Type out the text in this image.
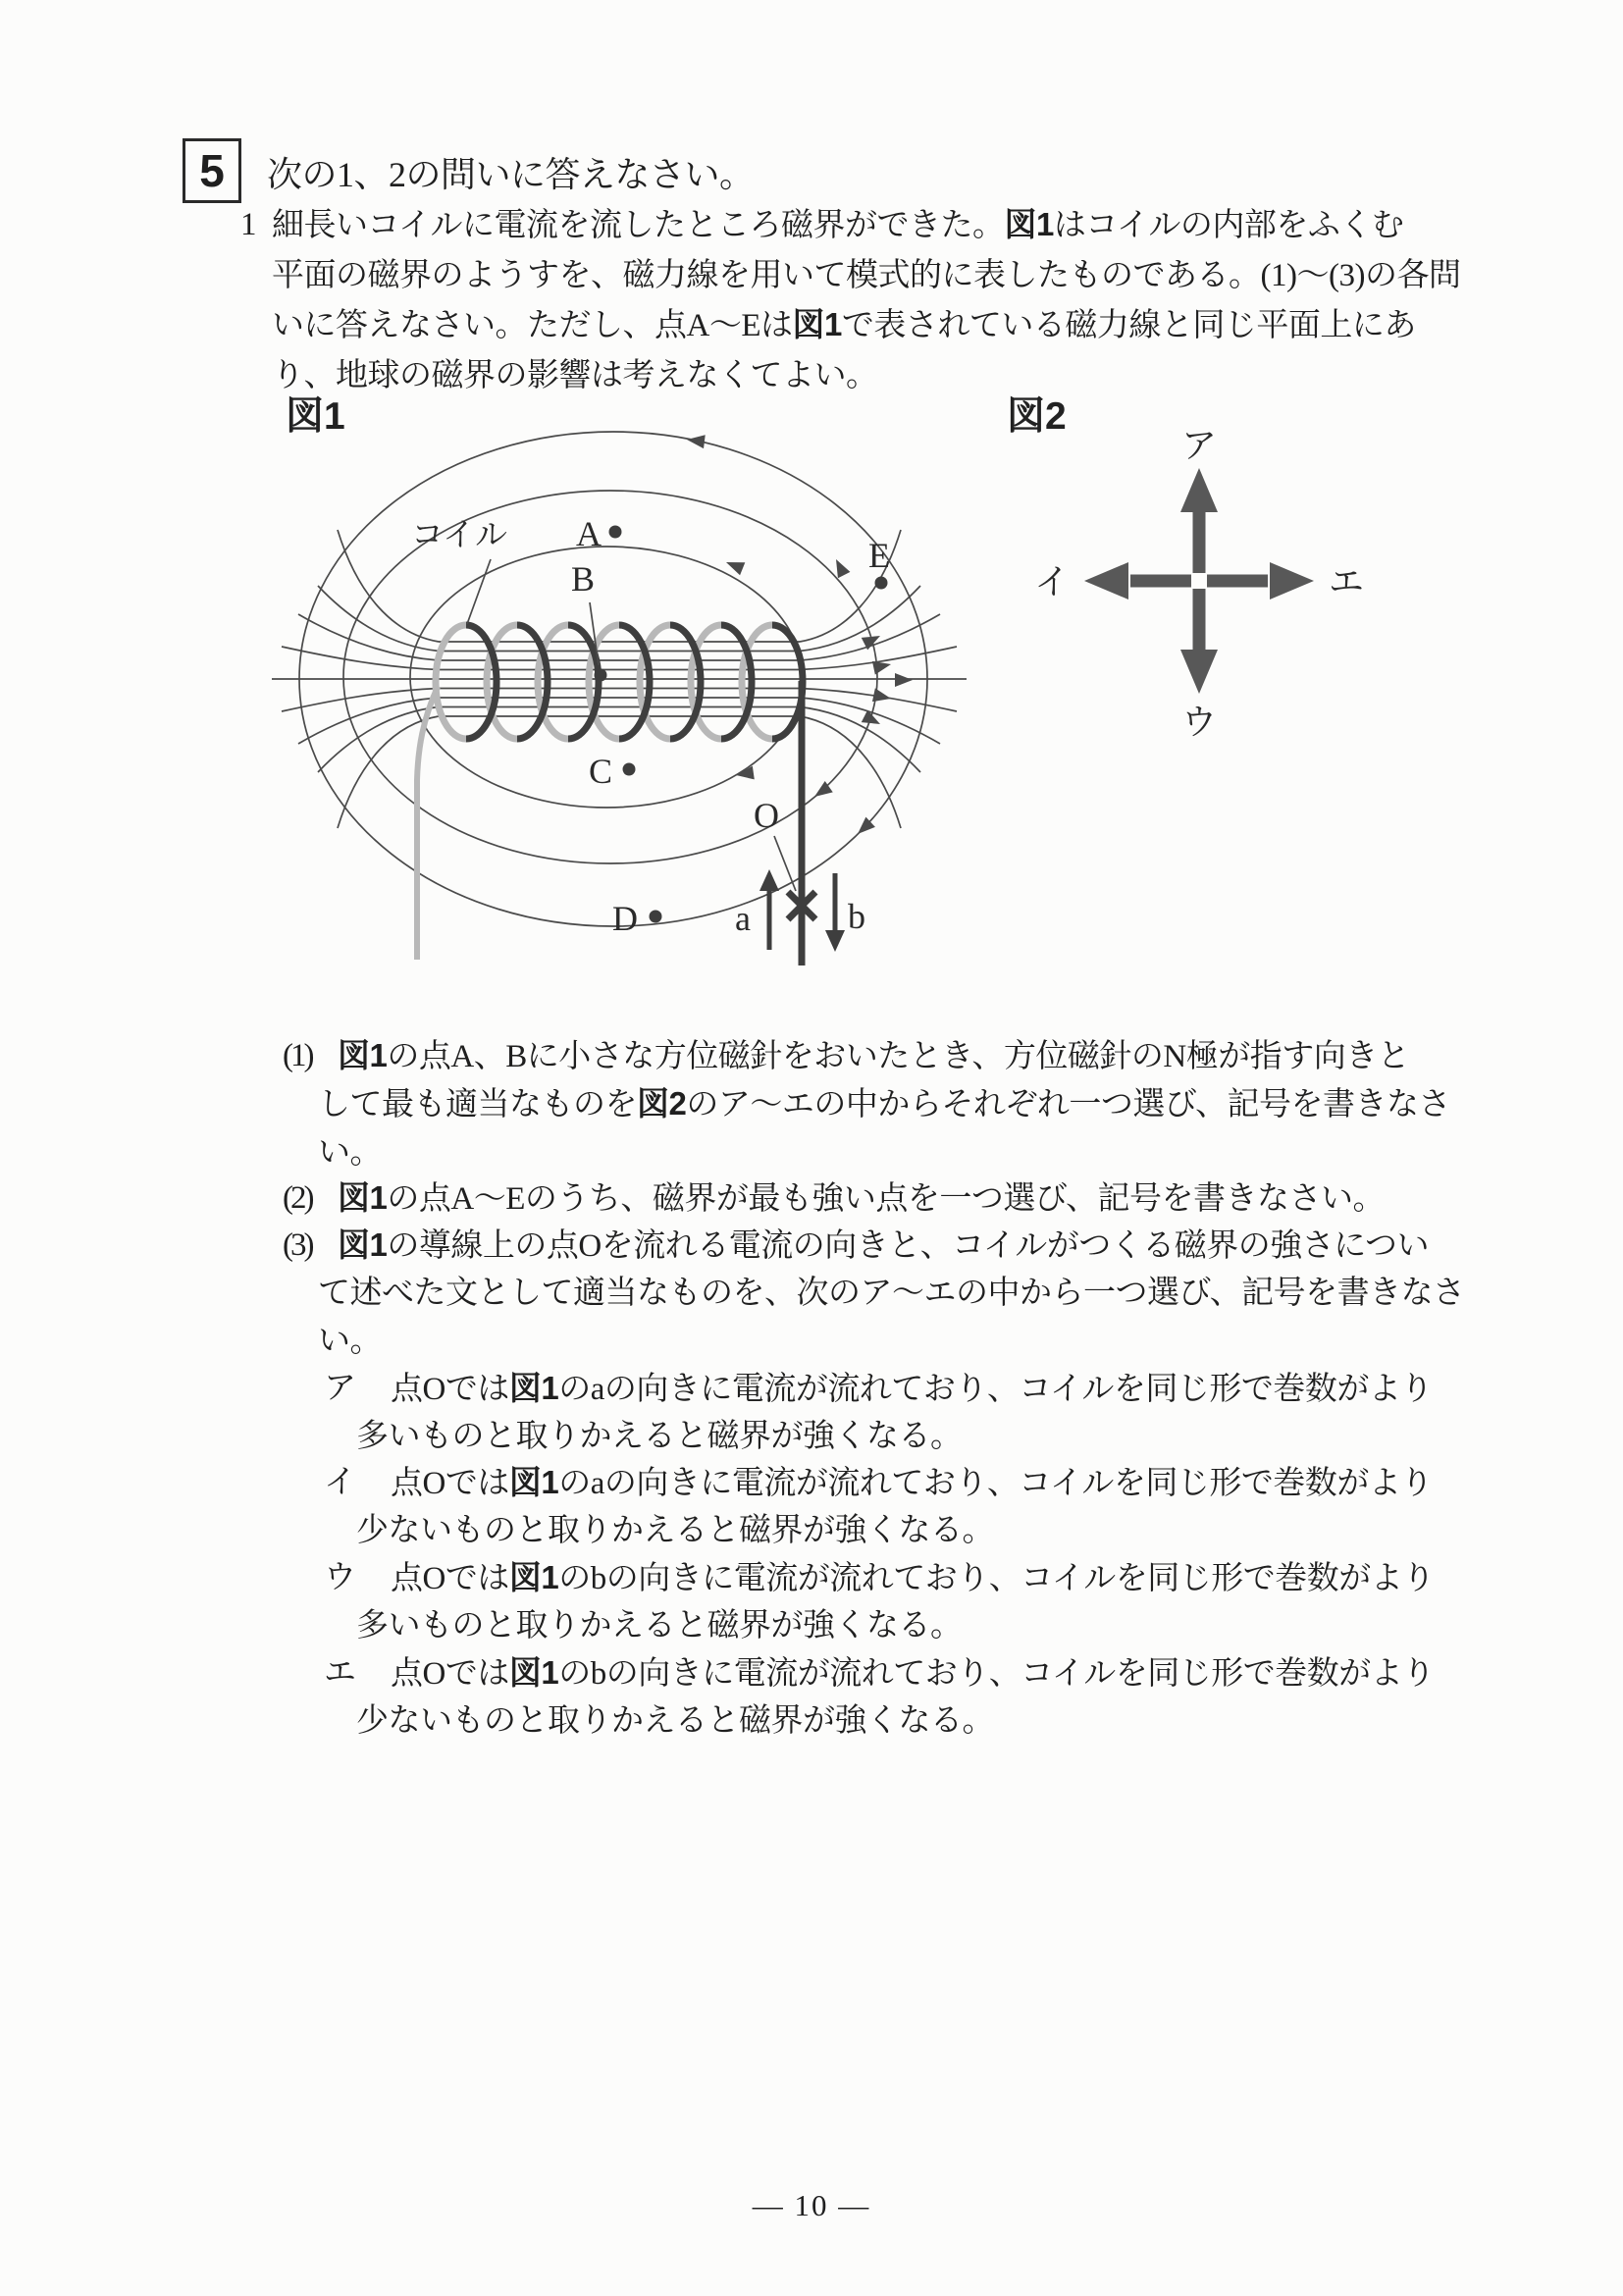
5 次の1、2の問いに答えなさい。
1 細長いコイルに電流を流したところ磁界ができた。図1はコイルの内部をふくむ
平面の磁界のようすを、磁力線を用いて模式的に表したものである。(1)〜(3)の各問
いに答えなさい。ただし、点A〜Eは図1で表されている磁力線と同じ平面上にあ
り、地球の磁界の影響は考えなくてよい。
図1
コイル A
B
C
D
E
O
a	b
図2
ア
ウ
イ	エ
(1) 図1の点A、Bに小さな方位磁針をおいたとき、方位磁針のN極が指す向きと
して最も適当なものを図2のア〜エの中からそれぞれ一つ選び、記号を書きなさ
い。
(2) 図1の点A〜Eのうち、磁界が最も強い点を一つ選び、記号を書きなさい。
(3) 図1の導線上の点Oを流れる電流の向きと、コイルがつくる磁界の強さについ
て述べた文として適当なものを、次のア〜エの中から一つ選び、記号を書きなさ
い。
ア	点Oでは図1のaの向きに電流が流れており、コイルを同じ形で巻数がより
多いものと取りかえると磁界が強くなる。
イ	点Oでは図1のaの向きに電流が流れており、コイルを同じ形で巻数がより
少ないものと取りかえると磁界が強くなる。
ウ	点Oでは図1のbの向きに電流が流れており、コイルを同じ形で巻数がより
多いものと取りかえると磁界が強くなる。
エ	点Oでは図1のbの向きに電流が流れており、コイルを同じ形で巻数がより
少ないものと取りかえると磁界が強くなる。
— 10 —
